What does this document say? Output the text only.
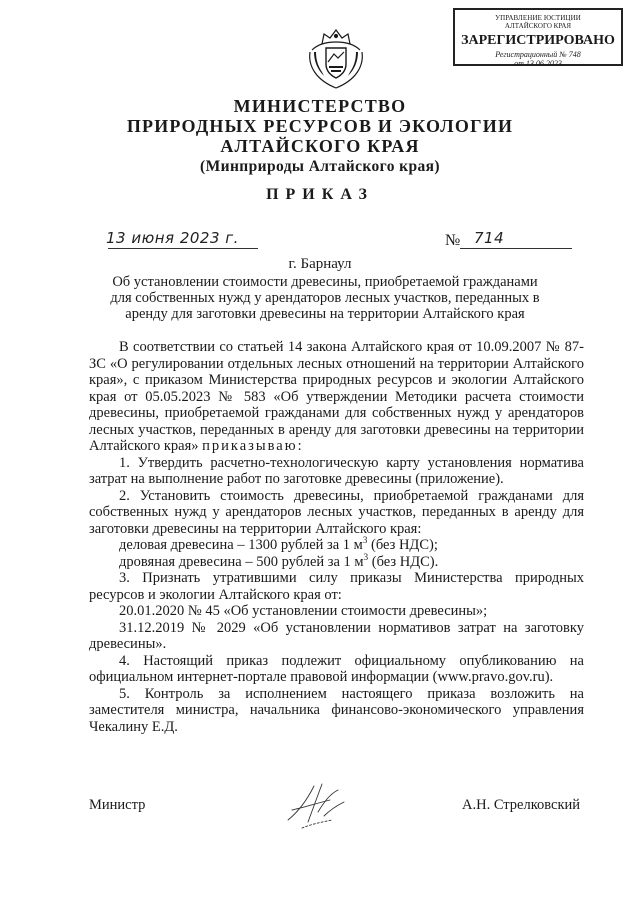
УПРАВЛЕНИЕ ЮСТИЦИИ
АЛТАЙСКОГО КРАЯ
ЗАРЕГИСТРИРОВАНО
Регистрационный № 748
от 13.06.2023
МИНИСТЕРСТВО
ПРИРОДНЫХ РЕСУРСОВ И ЭКОЛОГИИ
АЛТАЙСКОГО КРАЯ
(Минприроды Алтайского края)
ПРИКАЗ
13 июня 2023 г.	№ 714
г. Барнаул
Об установлении стоимости древесины, приобретаемой гражданами
для собственных нужд у арендаторов лесных участков, переданных в
аренду для заготовки древесины на территории Алтайского края

В соответствии со статьей 14 закона Алтайского края от 10.09.2007 № 87-ЗС «О регулировании отдельных лесных отношений на территории Алтайского края», с приказом Министерства природных ресурсов и экологии Алтайского края от 05.05.2023 № 583 «Об утверждении Методики расчета стоимости древесины, приобретаемой гражданами для собственных нужд у арендаторов лесных участков, переданных в аренду для заготовки древесины на территории Алтайского края» приказываю:

1. Утвердить расчетно-технологическую карту установления норматива затрат на выполнение работ по заготовке древесины (приложение).

2. Установить стоимость древесины, приобретаемой гражданами для собственных нужд у арендаторов лесных участков, переданных в аренду для заготовки древесины на территории Алтайского края:

деловая древесина – 1300 рублей за 1 $м^3$ (без НДС);

дровяная древесина – 500 рублей за 1 $м^3$ (без НДС).

3. Признать утратившими силу приказы Министерства природных ресурсов и экологии Алтайского края от:

20.01.2020 № 45 «Об установлении стоимости древесины»;

31.12.2019 № 2029 «Об установлении нормативов затрат на заготовку древесины».

4. Настоящий приказ подлежит официальному опубликованию на официальном интернет-портале правовой информации (www.pravo.gov.ru).

5. Контроль за исполнением настоящего приказа возложить на заместителя министра, начальника финансово-экономического управления Чекалину Е.Д.

Министр	А.Н. Стрелковский
